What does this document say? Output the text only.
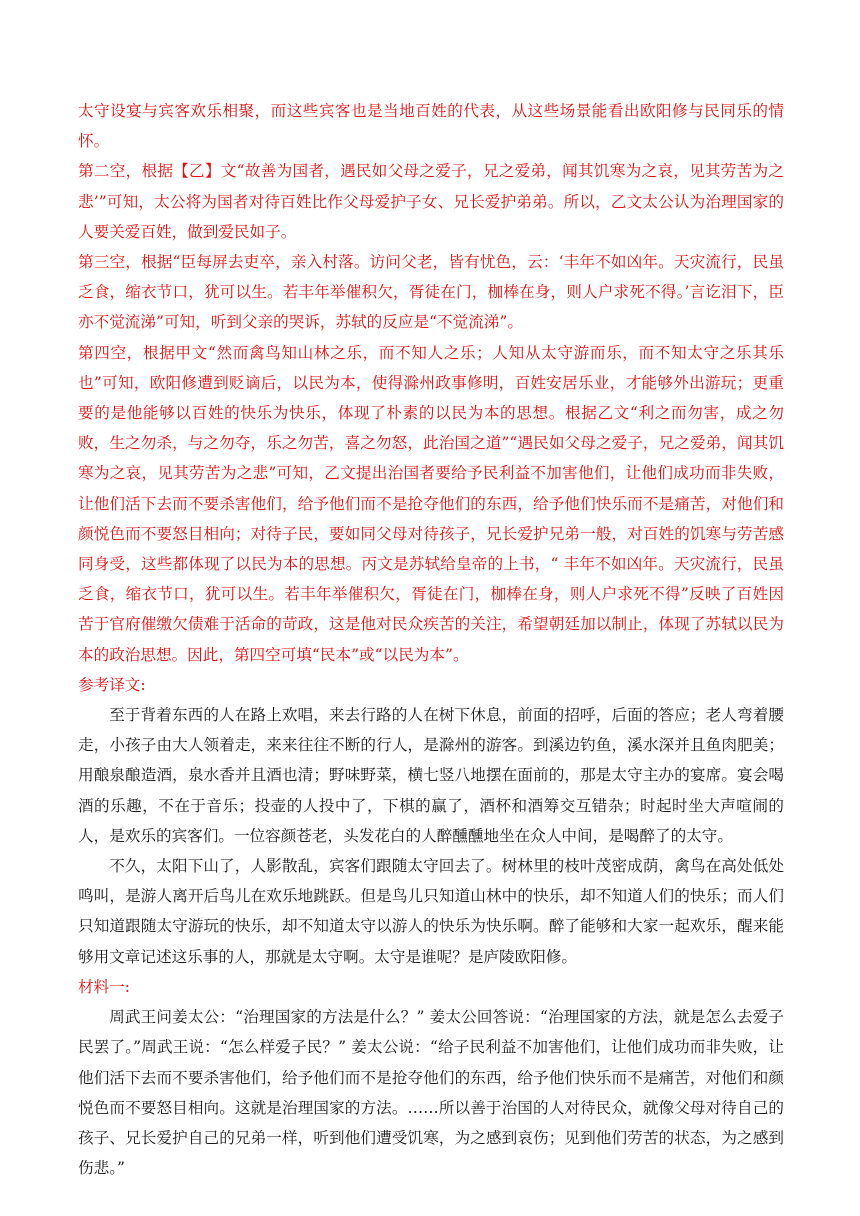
太守设宴与宾客欢乐相聚，而这些宾客也是当地百姓的代表，从这些场景能看出欧阳修与民同乐的情怀。

第二空，根据【乙】文“故善为国者，遇民如父母之爱子，兄之爱弟，闻其饥寒为之哀，见其劳苦为之悲’”可知，太公将为国者对待百姓比作父母爱护子女、兄长爱护弟弟。所以，乙文太公认为治理国家的人要关爱百姓，做到爱民如子。

第三空，根据“臣每屏去吏卒，亲入村落。访问父老，皆有忧色，云：‘丰年不如凶年。天灾流行，民虽乏食，缩衣节口，犹可以生。若丰年举催积欠，胥徒在门，枷棒在身，则人户求死不得。’言讫泪下，臣亦不觉流涕”可知，听到父亲的哭诉，苏轼的反应是“不觉流涕”。

第四空，根据甲文“然而禽鸟知山林之乐，而不知人之乐；人知从太守游而乐，而不知太守之乐其乐也”可知，欧阳修遭到贬谪后，以民为本，使得滁州政事修明，百姓安居乐业，才能够外出游玩；更重要的是他能够以百姓的快乐为快乐，体现了朴素的以民为本的思想。根据乙文“利之而勿害，成之勿败，生之勿杀，与之勿夺，乐之勿苦，喜之勿怒，此治国之道”“遇民如父母之爱子，兄之爱弟，闻其饥寒为之哀，见其劳苦为之悲”可知，乙文提出治国者要给予民利益不加害他们，让他们成功而非失败，让他们活下去而不要杀害他们，给予他们而不是抢夺他们的东西，给予他们快乐而不是痛苦，对他们和颜悦色而不要怒目相向；对待子民，要如同父母对待孩子，兄长爱护兄弟一般，对百姓的饥寒与劳苦感同身受，这些都体现了以民为本的思想。丙文是苏轼给皇帝的上书，“ 丰年不如凶年。天灾流行，民虽乏食，缩衣节口，犹可以生。若丰年举催积欠，胥徒在门，枷棒在身，则人户求死不得”反映了百姓因苦于官府催缴欠债难于活命的苛政，这是他对民众疾苦的关注，希望朝廷加以制止，体现了苏轼以民为本的政治思想。因此，第四空可填“民本”或“以民为本”。

参考译文:

至于背着东西的人在路上欢唱，来去行路的人在树下休息，前面的招呼，后面的答应；老人弯着腰走，小孩子由大人领着走，来来往往不断的行人，是滁州的游客。到溪边钓鱼，溪水深并且鱼肉肥美；用酿泉酿造酒，泉水香并且酒也清；野味野菜，横七竖八地摆在面前的，那是太守主办的宴席。宴会喝酒的乐趣，不在于音乐；投壶的人投中了，下棋的赢了，酒杯和酒筹交互错杂；时起时坐大声喧闹的人，是欢乐的宾客们。一位容颜苍老，头发花白的人醉醺醺地坐在众人中间，是喝醉了的太守。

不久，太阳下山了，人影散乱，宾客们跟随太守回去了。树林里的枝叶茂密成荫，禽鸟在高处低处鸣叫，是游人离开后鸟儿在欢乐地跳跃。但是鸟儿只知道山林中的快乐，却不知道人们的快乐；而人们只知道跟随太守游玩的快乐，却不知道太守以游人的快乐为快乐啊。醉了能够和大家一起欢乐，醒来能够用文章记述这乐事的人，那就是太守啊。太守是谁呢？是庐陵欧阳修。

材料一:

周武王问姜太公：“治理国家的方法是什么？” 姜太公回答说：“治理国家的方法，就是怎么去爱子民罢了。”周武王说：“怎么样爱子民？” 姜太公说：“给子民利益不加害他们，让他们成功而非失败，让他们活下去而不要杀害他们，给予他们而不是抢夺他们的东西，给予他们快乐而不是痛苦，对他们和颜悦色而不要怒目相向。这就是治理国家的方法。……所以善于治国的人对待民众，就像父母对待自己的孩子、兄长爱护自己的兄弟一样，听到他们遭受饥寒，为之感到哀伤；见到他们劳苦的状态，为之感到伤悲。”
